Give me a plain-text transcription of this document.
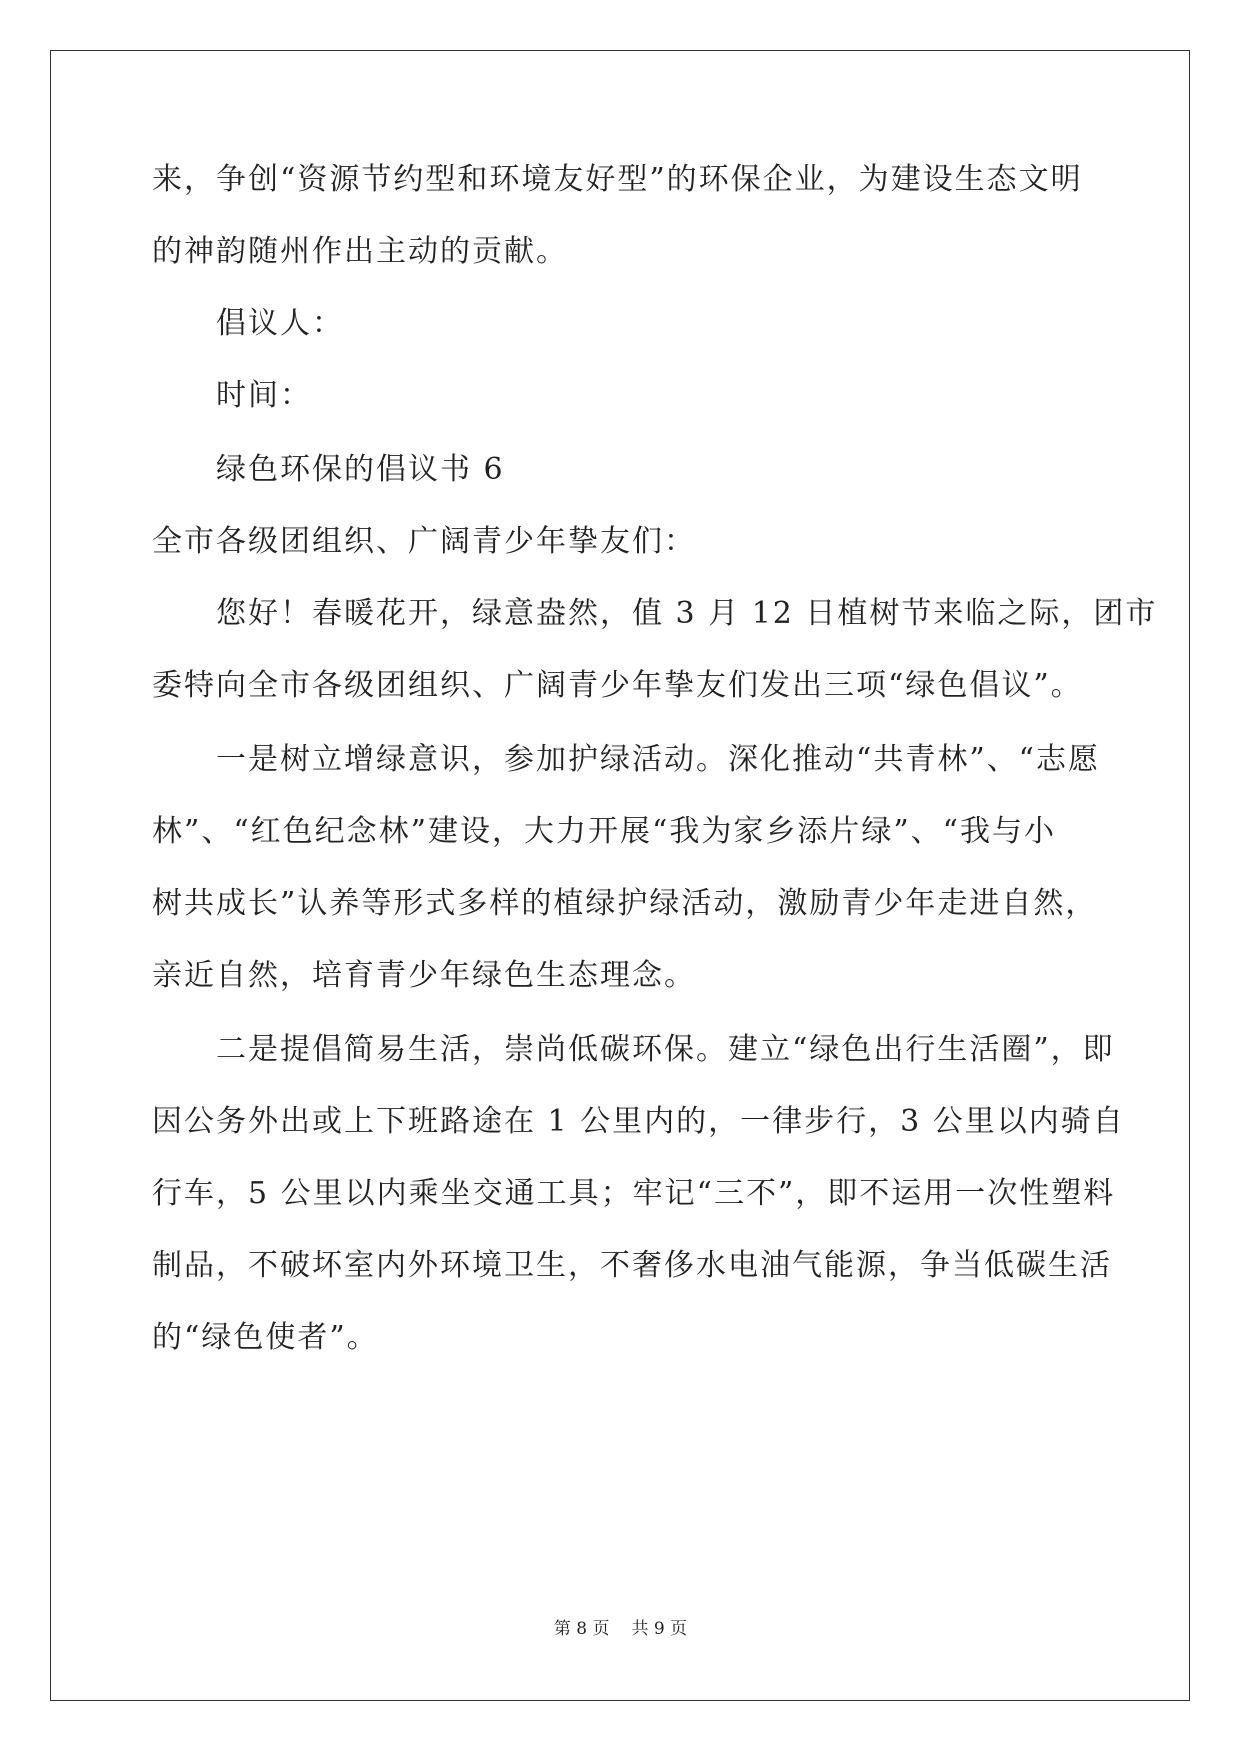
来，争创“资源节约型和环境友好型”的环保企业，为建设生态文明
的神韵随州作出主动的贡献。
倡议人：
时间：
绿色环保的倡议书 6
全市各级团组织、广阔青少年挚友们：
您好！春暖花开，绿意盎然，值 3 月 12 日植树节来临之际，团市
委特向全市各级团组织、广阔青少年挚友们发出三项“绿色倡议”。
一是树立增绿意识，参加护绿活动。深化推动“共青林”、“志愿
林”、“红色纪念林”建设，大力开展“我为家乡添片绿”、“我与小
树共成长”认养等形式多样的植绿护绿活动，激励青少年走进自然，
亲近自然，培育青少年绿色生态理念。
二是提倡简易生活，崇尚低碳环保。建立“绿色出行生活圈”，即
因公务外出或上下班路途在 1 公里内的，一律步行，3 公里以内骑自
行车，5 公里以内乘坐交通工具；牢记“三不”，即不运用一次性塑料
制品，不破坏室内外环境卫生，不奢侈水电油气能源，争当低碳生活
的“绿色使者”。
第 8 页 共 9 页
